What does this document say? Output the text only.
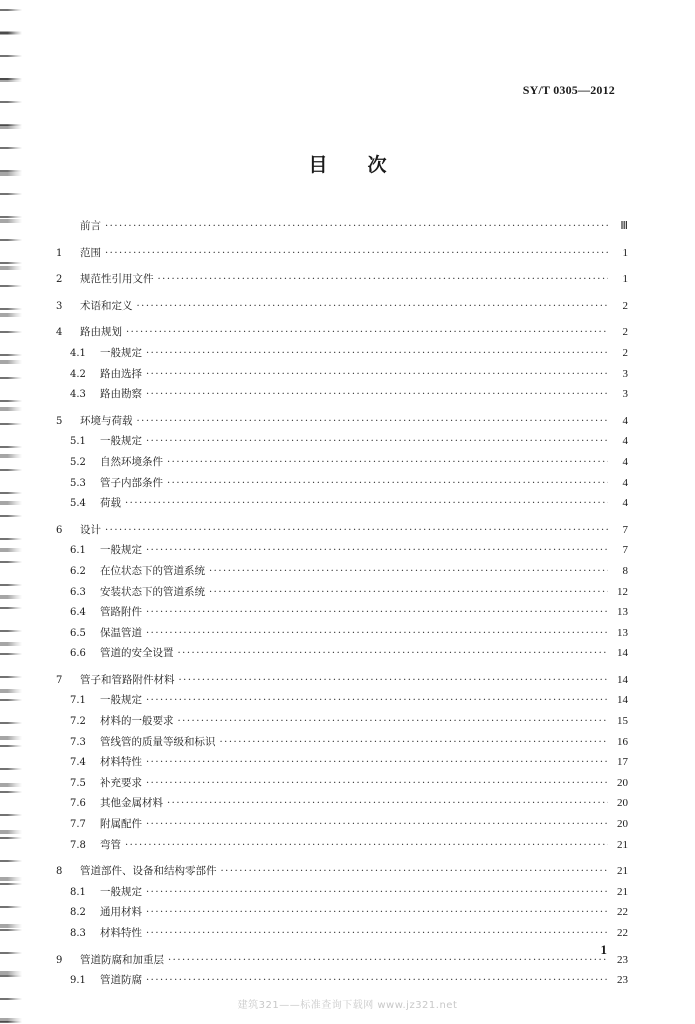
SY/T 0305—2012
目 次
前言 ·····	Ⅲ
1	范围 ·····	1
2	规范性引用文件 ·····	1
3	术语和定义 ·····	2
4	路由规划 ·····	2
4.1	一般规定 ·····	2
4.2	路由选择 ·····	3
4.3	路由勘察 ·····	3
5	环境与荷载 ·····	4
5.1	一般规定 ·····	4
5.2	自然环境条件 ·····	4
5.3	管子内部条件 ·····	4
5.4	荷载 ·····	4
6	设计 ·····	7
6.1	一般规定 ·····	7
6.2	在位状态下的管道系统 ·····	8
6.3	安装状态下的管道系统 ·····	12
6.4	管路附件 ·····	13
6.5	保温管道 ·····	13
6.6	管道的安全设置 ·····	14
7	管子和管路附件材料 ·····	14
7.1	一般规定 ·····	14
7.2	材料的一般要求 ·····	15
7.3	管线管的质量等级和标识 ·····	16
7.4	材料特性 ·····	17
7.5	补充要求 ·····	20
7.6	其他金属材料 ·····	20
7.7	附属配件 ·····	20
7.8	弯管 ·····	21
8	管道部件、设备和结构零部件 ·····	21
8.1	一般规定 ·····	21
8.2	通用材料 ·····	22
8.3	材料特性 ·····	22
9	管道防腐和加重层 ·····	23
9.1	管道防腐 ·····	23
1
建筑321——标准查询下载网 www.jz321.net
